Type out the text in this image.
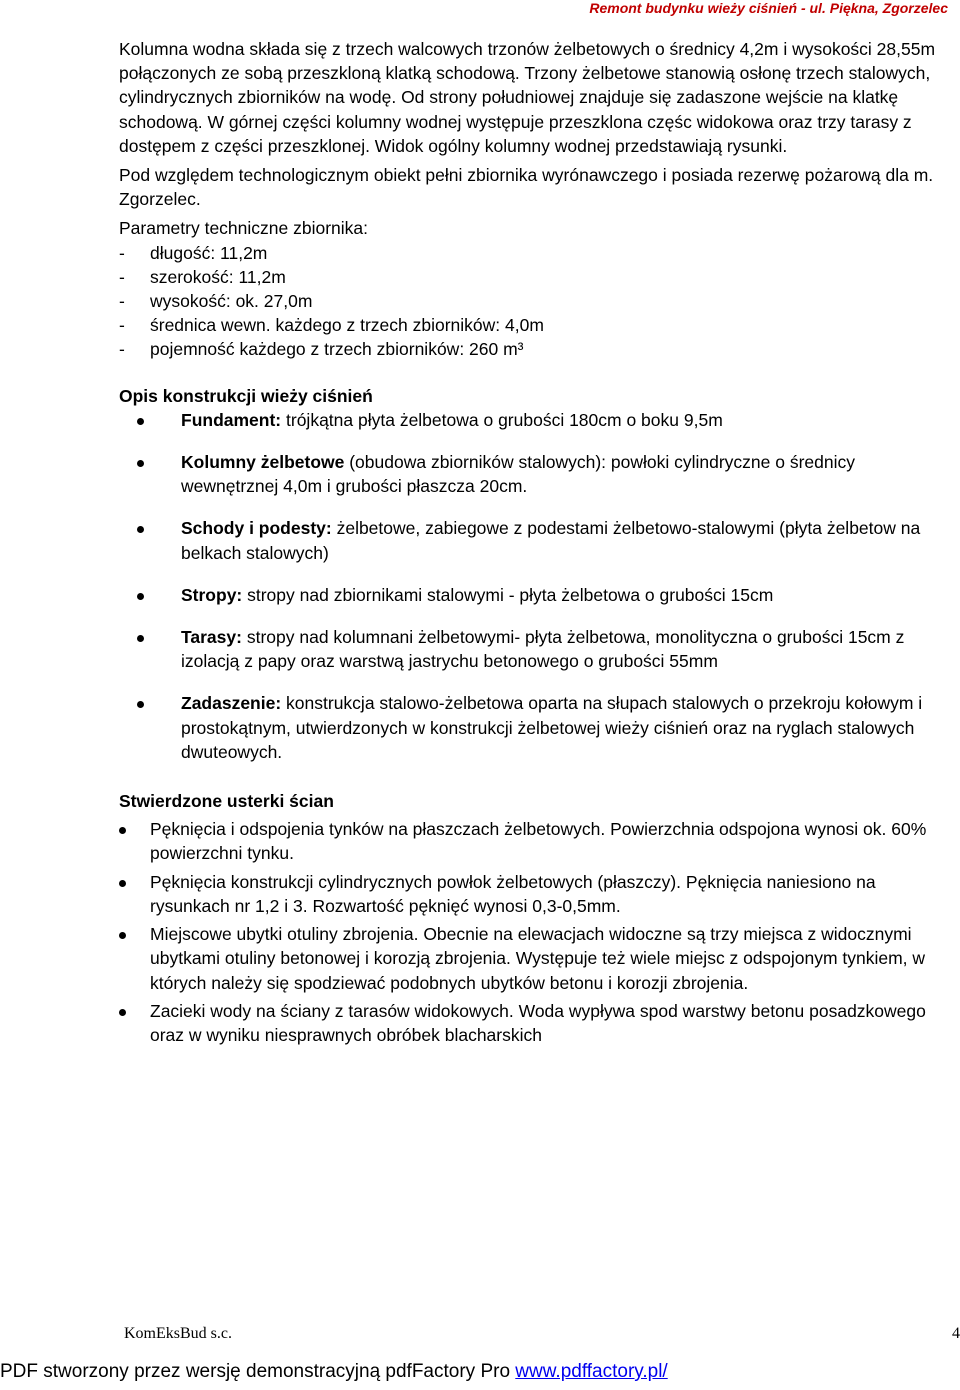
Remont budynku wieży ciśnień - ul. Piękna, Zgorzelec

Kolumna wodna składa się z trzech walcowych trzonów żelbetowych o średnicy 4,2m i wysokości 28,55m połączonych ze sobą przeszkloną klatką schodową. Trzony żelbetowe stanowią osłonę trzech stalowych, cylindrycznych zbiorników na wodę. Od strony południowej znajduje się zadaszone wejście na klatkę schodową. W górnej części kolumny wodnej występuje przeszklona częśc widokowa oraz trzy tarasy z dostępem z części przeszklonej. Widok ogólny kolumny wodnej przedstawiają rysunki.

Pod względem technologicznym obiekt pełni zbiornika wyrónawczego i posiada rezerwę pożarową dla m. Zgorzelec.

Parametry techniczne zbiornika:

- długość: 11,2m
- szerokość: 11,2m
- wysokość: ok. 27,0m
- średnica wewn. każdego z trzech zbiorników: 4,0m
- pojemność każdego z trzech zbiorników: 260 m³
Opis konstrukcji wieży ciśnień
Fundament: trójkątna płyta żelbetowa o grubości 180cm o boku 9,5m
Kolumny żelbetowe (obudowa zbiorników stalowych): powłoki cylindryczne o średnicy wewnętrznej 4,0m i grubości płaszcza 20cm.
Schody i podesty: żelbetowe, zabiegowe z podestami żelbetowo-stalowymi (płyta żelbetow na belkach stalowych)
Stropy: stropy nad zbiornikami stalowymi - płyta żelbetowa o grubości 15cm
Tarasy: stropy nad kolumnani żelbetowymi- płyta żelbetowa, monolityczna o grubości 15cm z izolacją z papy oraz warstwą jastrychu betonowego o grubości 55mm
Zadaszenie: konstrukcja stalowo-żelbetowa oparta na słupach stalowych o przekroju kołowym i prostokątnym, utwierdzonych w konstrukcji żelbetowej wieży ciśnień oraz na ryglach stalowych dwuteowych.
Stwierdzone usterki ścian
Pęknięcia i odspojenia tynków na płaszczach żelbetowych. Powierzchnia odspojona wynosi ok. 60% powierzchni tynku.
Pęknięcia konstrukcji cylindrycznych powłok żelbetowych (płaszczy). Pęknięcia naniesiono na rysunkach nr 1,2 i 3. Rozwartość pęknięć wynosi 0,3-0,5mm.
Miejscowe ubytki otuliny zbrojenia. Obecnie na elewacjach widoczne są trzy miejsca z widocznymi ubytkami otuliny betonowej i korozją zbrojenia. Występuje też wiele miejsc z odspojonym tynkiem, w których należy się spodziewać podobnych ubytków betonu i korozji zbrojenia.
Zacieki wody na ściany z tarasów widokowych. Woda wypływa spod warstwy betonu posadzkowego oraz w wyniku niesprawnych obróbek blacharskich
KomEksBud s.c.	4
PDF stworzony przez wersję demonstracyjną pdfFactory Pro www.pdffactory.pl/
